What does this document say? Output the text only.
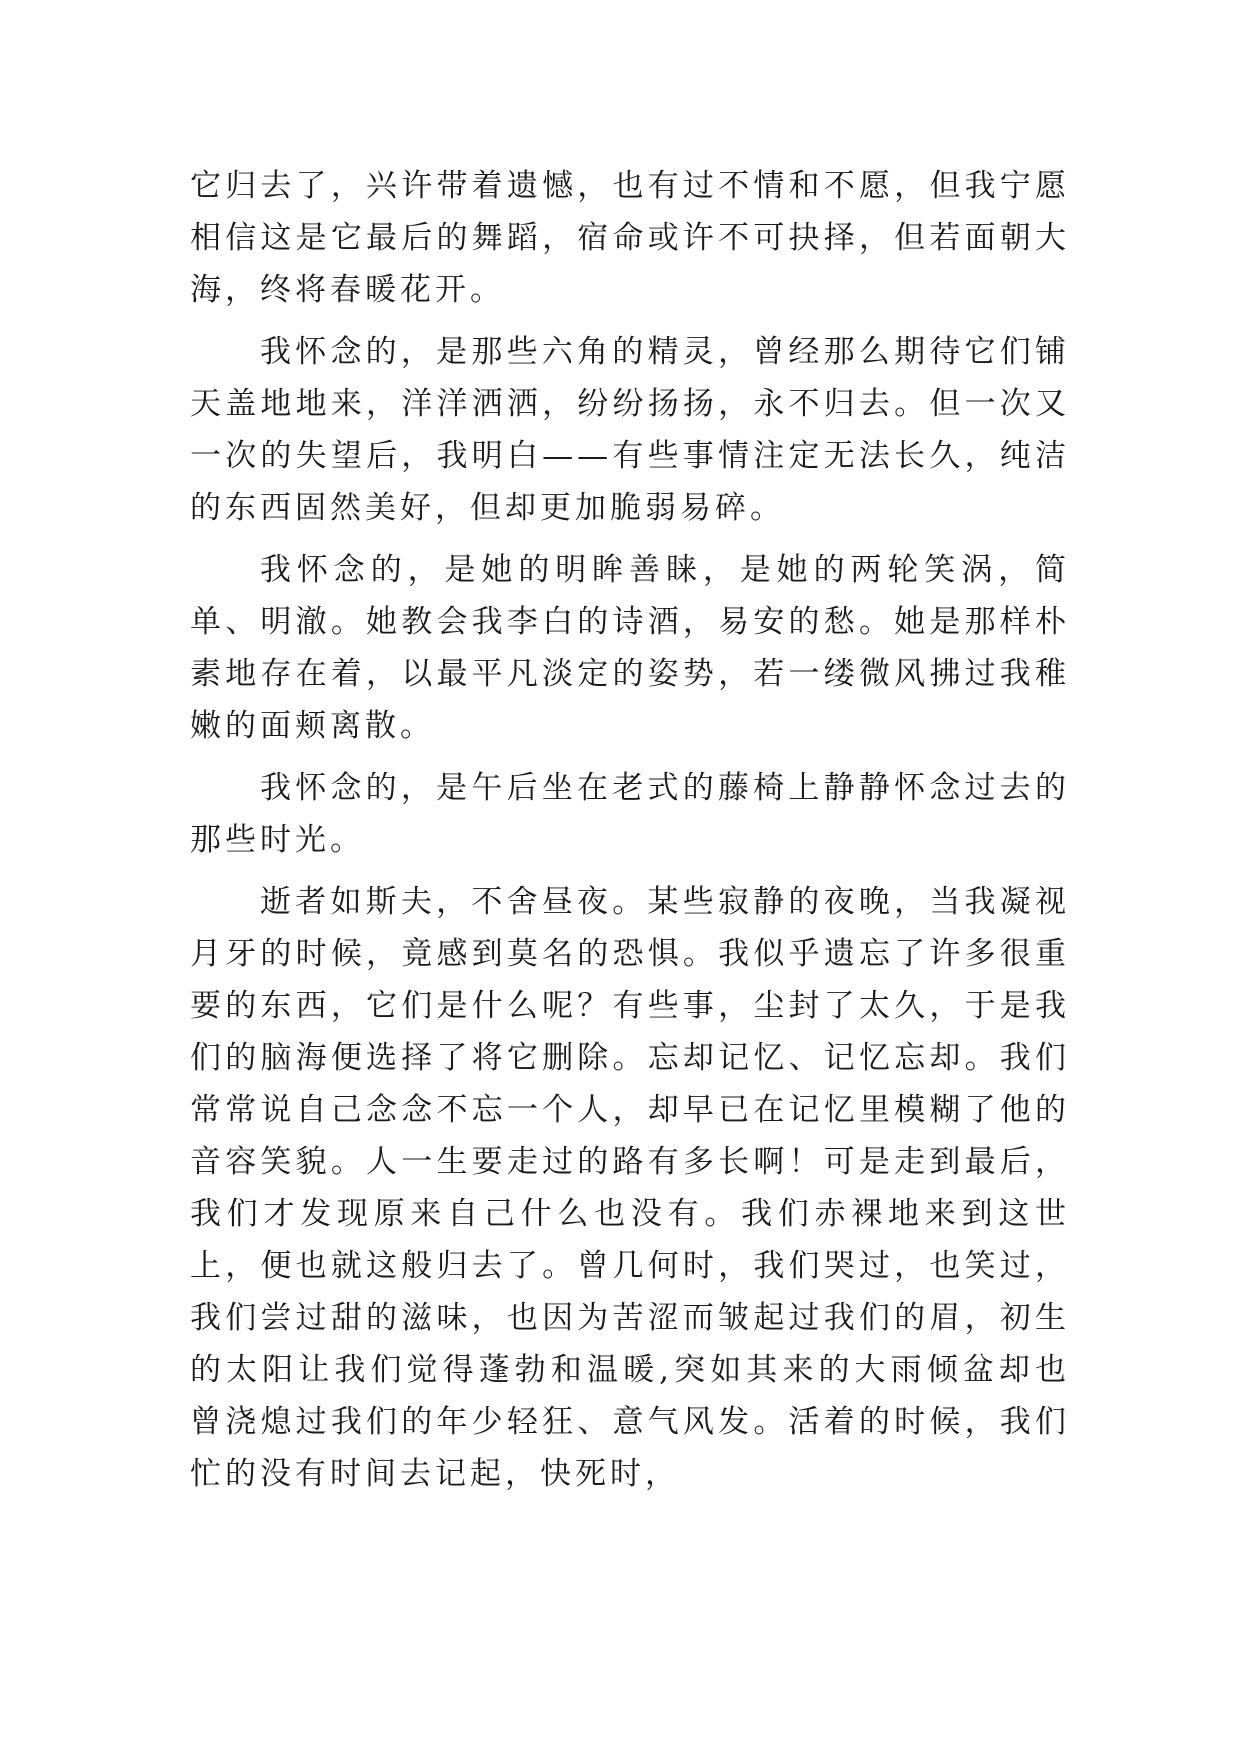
它归去了，兴许带着遗憾，也有过不情和不愿，但我宁愿相信这是它最后的舞蹈，宿命或许不可抉择，但若面朝大海，终将春暖花开。

我怀念的，是那些六角的精灵，曾经那么期待它们铺天盖地地来，洋洋洒洒，纷纷扬扬，永不归去。但一次又一次的失望后，我明白——有些事情注定无法长久，纯洁的东西固然美好，但却更加脆弱易碎。

我怀念的，是她的明眸善睐，是她的两轮笑涡，简单、明澈。她教会我李白的诗酒，易安的愁。她是那样朴素地存在着，以最平凡淡定的姿势，若一缕微风拂过我稚嫩的面颊离散。

我怀念的，是午后坐在老式的藤椅上静静怀念过去的那些时光。

逝者如斯夫，不舍昼夜。某些寂静的夜晚，当我凝视月牙的时候，竟感到莫名的恐惧。我似乎遗忘了许多很重要的东西，它们是什么呢？有些事，尘封了太久，于是我们的脑海便选择了将它删除。忘却记忆、记忆忘却。我们常常说自己念念不忘一个人，却早已在记忆里模糊了他的音容笑貌。人一生要走过的路有多长啊！可是走到最后，我们才发现原来自己什么也没有。我们赤裸地来到这世上，便也就这般归去了。曾几何时，我们哭过，也笑过，我们尝过甜的滋味，也因为苦涩而皱起过我们的眉，初生的太阳让我们觉得蓬勃和温暖,突如其来的大雨倾盆却也曾浇熄过我们的年少轻狂、意气风发。活着的时候，我们忙的没有时间去记起，快死时，
